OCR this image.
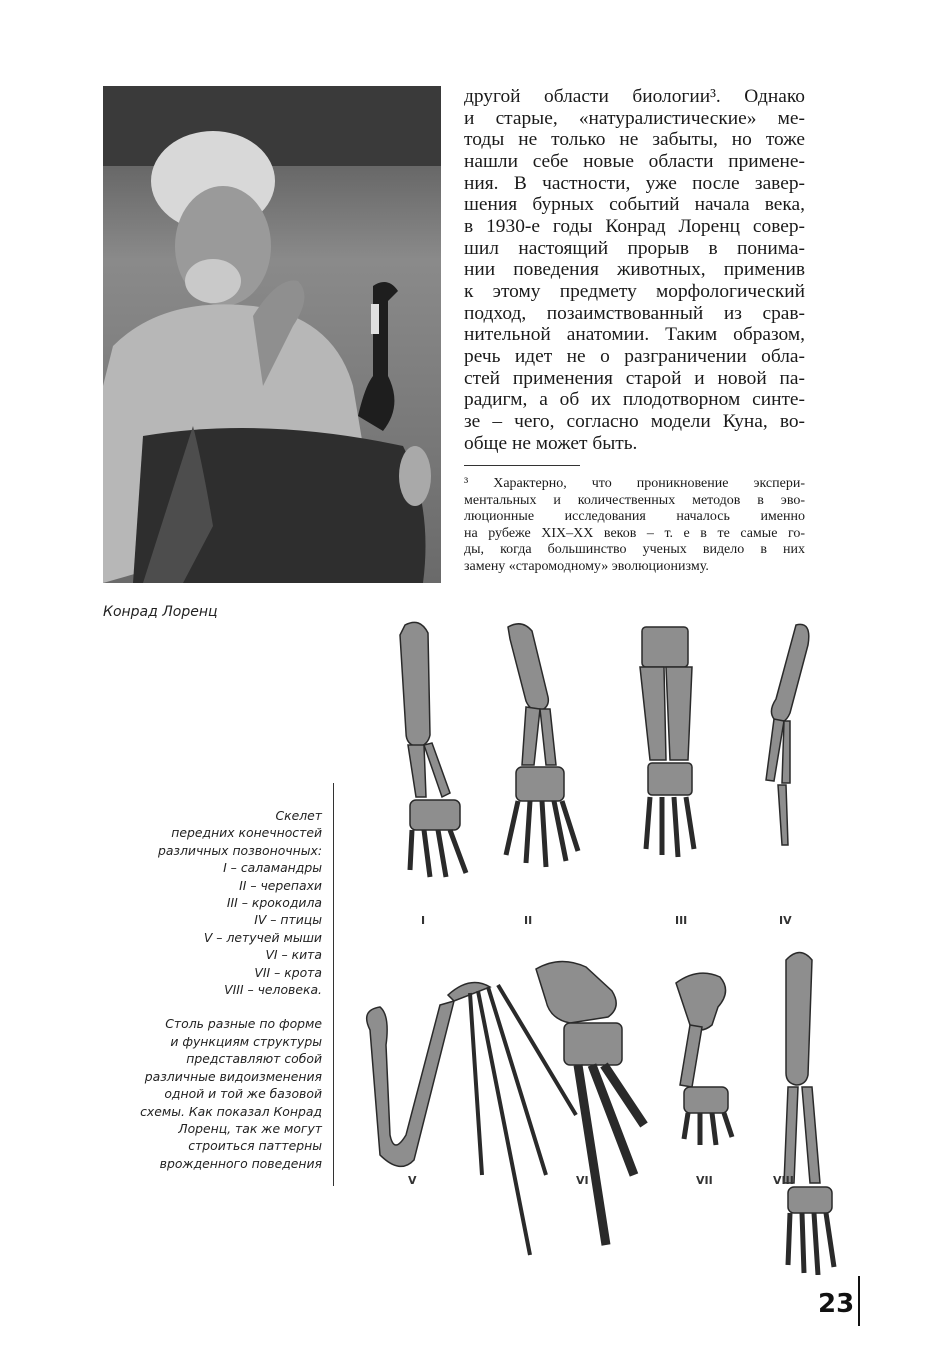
Конрад Лоренц
другой области биологии³. Однако
и старые, «натуралистические» ме-
тоды не только не забыты, но тоже
нашли себе новые области примене-
ния. В частности, уже после завер-
шения бурных событий начала века,
в 1930-е годы Конрад Лоренц совер-
шил настоящий прорыв в понима-
нии поведения животных, применив
к этому предмету морфологический
подход, позаимствованный из срав-
нительной анатомии. Таким образом,
речь идет не о разграничении обла-
стей применения старой и новой па-
радигм, а об их плодотворном синте-
зе – чего, согласно модели Куна, во-
обще не может быть.
³ Характерно, что проникновение экспери-
ментальных и количественных методов в эво-
люционные исследования началось именно
на рубеже XIX–XX веков – т. е в те самые го-
ды, когда большинство ученых видело в них
замену «старомодному» эволюционизму.
Скелет
передних конечностей
различных позвоночных:
I – саламандры
II – черепахи
III – крокодила
IV – птицы
V – летучей мыши
VI – кита
VII – крота
VIII – человека.
Столь разные по форме
и функциям структуры
представляют собой
различные видоизменения
одной и той же базовой
схемы. Как показал Конрад
Лоренц, так же могут
строиться паттерны
врожденного поведения
I	II	III	IV
V	VI	VII	VIII
23
